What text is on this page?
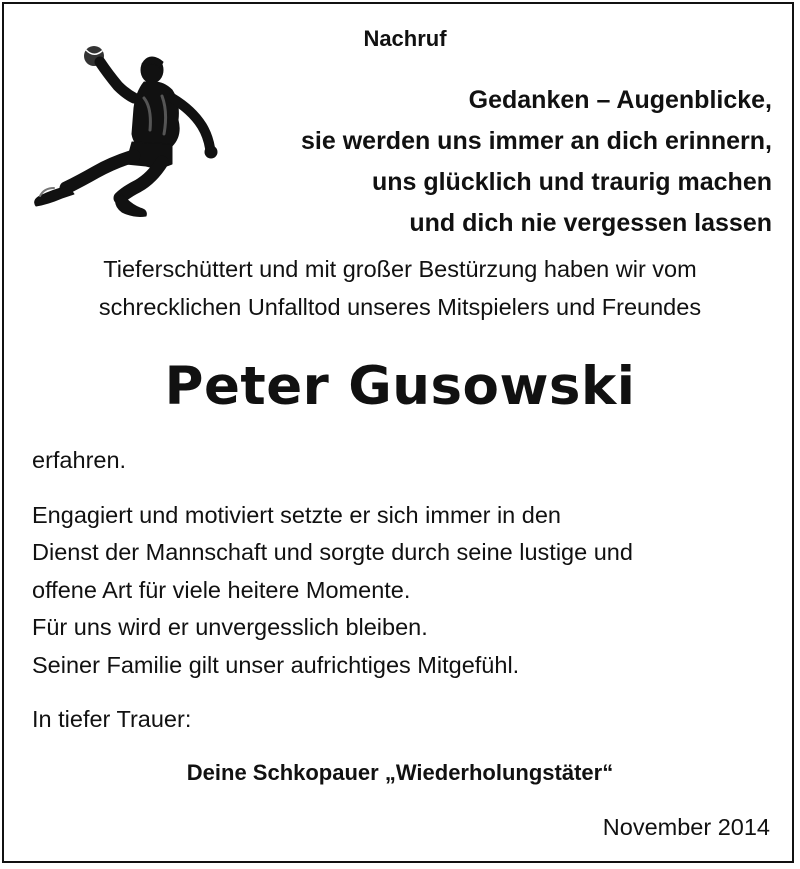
Nachruf
Gedanken – Augenblicke,
sie werden uns immer an dich erinnern,
uns glücklich und traurig machen
und dich nie vergessen lassen
Tieferschüttert und mit großer Bestürzung haben wir vom
schrecklichen Unfalltod unseres Mitspielers und Freundes
Peter Gusowski
erfahren.
Engagiert und motiviert setzte er sich immer in den
Dienst der Mannschaft und sorgte durch seine lustige und
offene Art für viele heitere Momente.
Für uns wird er unvergesslich bleiben.
Seiner Familie gilt unser aufrichtiges Mitgefühl.
In tiefer Trauer:
Deine Schkopauer „Wiederholungstäter“
November 2014
